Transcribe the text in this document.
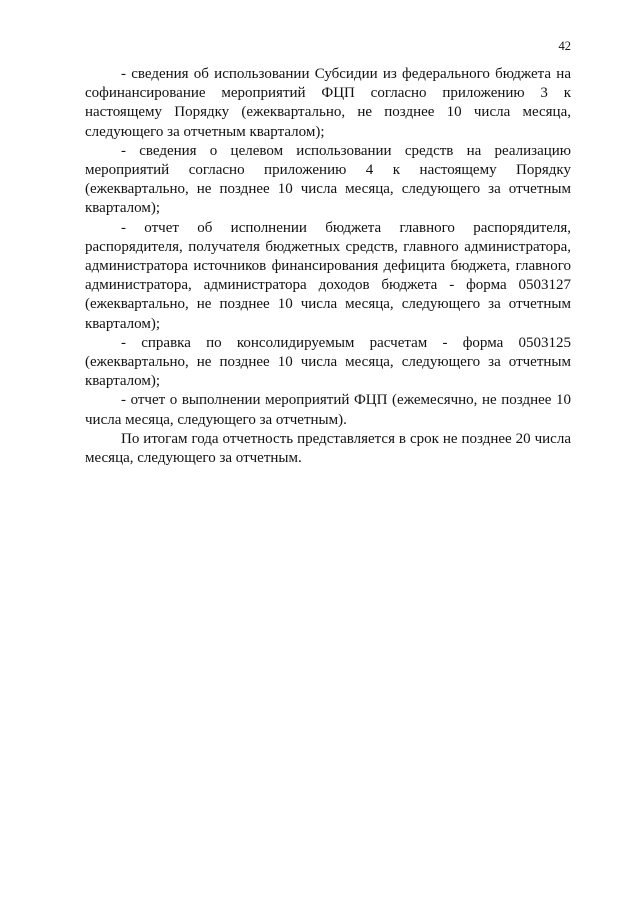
42

- сведения об использовании Субсидии из федерального бюджета на софинансирование мероприятий ФЦП согласно приложению 3 к настоящему Порядку (ежеквартально, не позднее 10 числа месяца, следующего за отчетным кварталом);

- сведения о целевом использовании средств на реализацию мероприятий согласно приложению 4 к настоящему Порядку (ежеквартально, не позднее 10 числа месяца, следующего за отчетным кварталом);

- отчет об исполнении бюджета главного распорядителя, распорядителя, получателя бюджетных средств, главного администратора, администратора источников финансирования дефицита бюджета, главного администратора, администратора доходов бюджета - форма 0503127 (ежеквартально, не позднее 10 числа месяца, следующего за отчетным кварталом);

- справка по консолидируемым расчетам - форма 0503125 (ежеквартально, не позднее 10 числа месяца, следующего за отчетным кварталом);

- отчет о выполнении мероприятий ФЦП (ежемесячно, не позднее 10 числа месяца, следующего за отчетным).

По итогам года отчетность представляется в срок не позднее 20 числа месяца, следующего за отчетным.
